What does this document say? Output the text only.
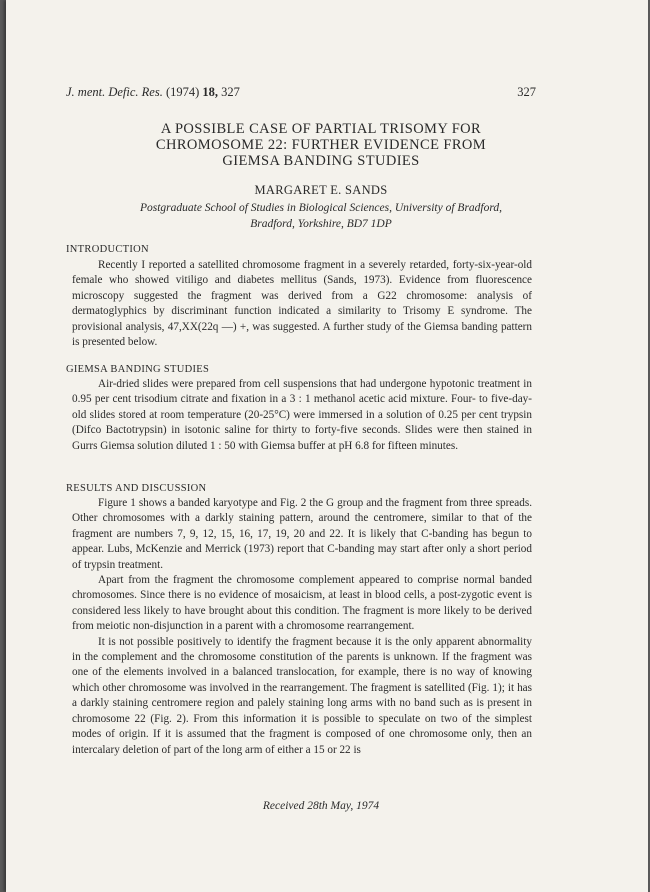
J. ment. Defic. Res. (1974) 18, 327	327
A POSSIBLE CASE OF PARTIAL TRISOMY FOR
CHROMOSOME 22: FURTHER EVIDENCE FROM
GIEMSA BANDING STUDIES
MARGARET E. SANDS
Postgraduate School of Studies in Biological Sciences, University of Bradford,
Bradford, Yorkshire, BD7 1DP
INTRODUCTION

Recently I reported a satellited chromosome fragment in a severely retarded, forty-six-year-old female who showed vitiligo and diabetes mellitus (Sands, 1973). Evidence from fluorescence microscopy suggested the fragment was derived from a G22 chromosome: analysis of dermatoglyphics by discriminant function indicated a similarity to Trisomy E syndrome. The provisional analysis, 47,XX(22q —) +, was suggested. A further study of the Giemsa banding pattern is presented below.

GIEMSA BANDING STUDIES

Air-dried slides were prepared from cell suspensions that had undergone hypotonic treatment in 0.95 per cent trisodium citrate and fixation in a 3 : 1 methanol acetic acid mixture. Four- to five-day-old slides stored at room temperature (20-25°C) were immersed in a solution of 0.25 per cent trypsin (Difco Bactotrypsin) in isotonic saline for thirty to forty-five seconds. Slides were then stained in Gurrs Giemsa solution diluted 1 : 50 with Giemsa buffer at pH 6.8 for fifteen minutes.

RESULTS AND DISCUSSION

Figure 1 shows a banded karyotype and Fig. 2 the G group and the fragment from three spreads. Other chromosomes with a darkly staining pattern, around the centromere, similar to that of the fragment are numbers 7, 9, 12, 15, 16, 17, 19, 20 and 22. It is likely that C-banding has begun to appear. Lubs, McKenzie and Merrick (1973) report that C-banding may start after only a short period of trypsin treatment.

Apart from the fragment the chromosome complement appeared to comprise normal banded chromosomes. Since there is no evidence of mosaicism, at least in blood cells, a post-zygotic event is considered less likely to have brought about this condition. The fragment is more likely to be derived from meiotic non-disjunction in a parent with a chromosome rearrangement.

It is not possible positively to identify the fragment because it is the only apparent abnormality in the complement and the chromosome constitution of the parents is unknown. If the fragment was one of the elements involved in a balanced translocation, for example, there is no way of knowing which other chromosome was involved in the rearrangement. The fragment is satellited (Fig. 1); it has a darkly staining centromere region and palely staining long arms with no band such as is present in chromosome 22 (Fig. 2). From this information it is possible to speculate on two of the simplest modes of origin. If it is assumed that the fragment is composed of one chromosome only, then an intercalary deletion of part of the long arm of either a 15 or 22 is

Received 28th May, 1974
